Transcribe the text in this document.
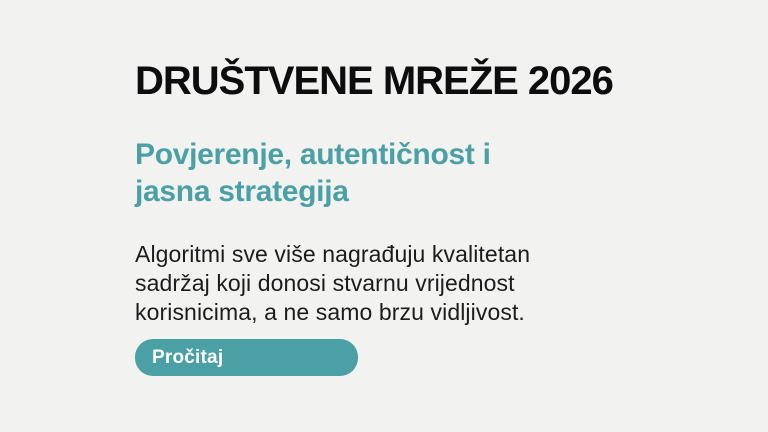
DRUŠTVENE MREŽE 2026
Povjerenje, autentičnost i
jasna strategija
Algoritmi sve više nagrađuju kvalitetan
sadržaj koji donosi stvarnu vrijednost
korisnicima, a ne samo brzu vidljivost.
Pročitaj
